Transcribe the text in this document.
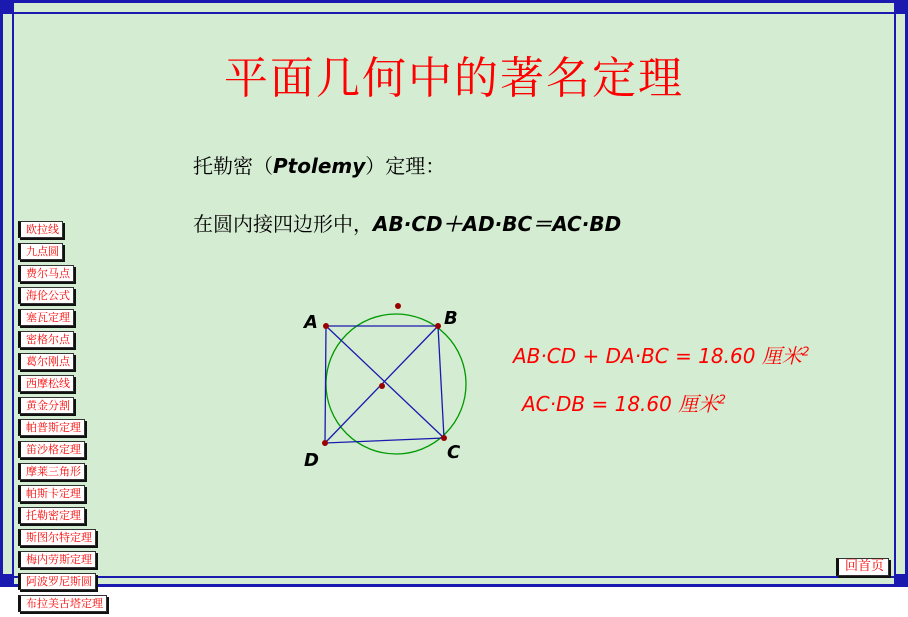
平面几何中的著名定理
托勒密（Ptolemy）定理：
在圆内接四边形中，AB·CD＋AD·BC＝AC·BD
欧拉线
九点圆
费尔马点
海伦公式
塞瓦定理
密格尔点
葛尔刚点
西摩松线
黄金分割
帕普斯定理
笛沙格定理
摩莱三角形
帕斯卡定理
托勒密定理
斯图尔特定理
梅内劳斯定理
阿波罗尼斯圆
布拉美古塔定理
回首页
AB·CD + DA·BC = 18.60 厘米$^2$
AC·DB = 18.60 厘米$^2$
A	B
C
D
